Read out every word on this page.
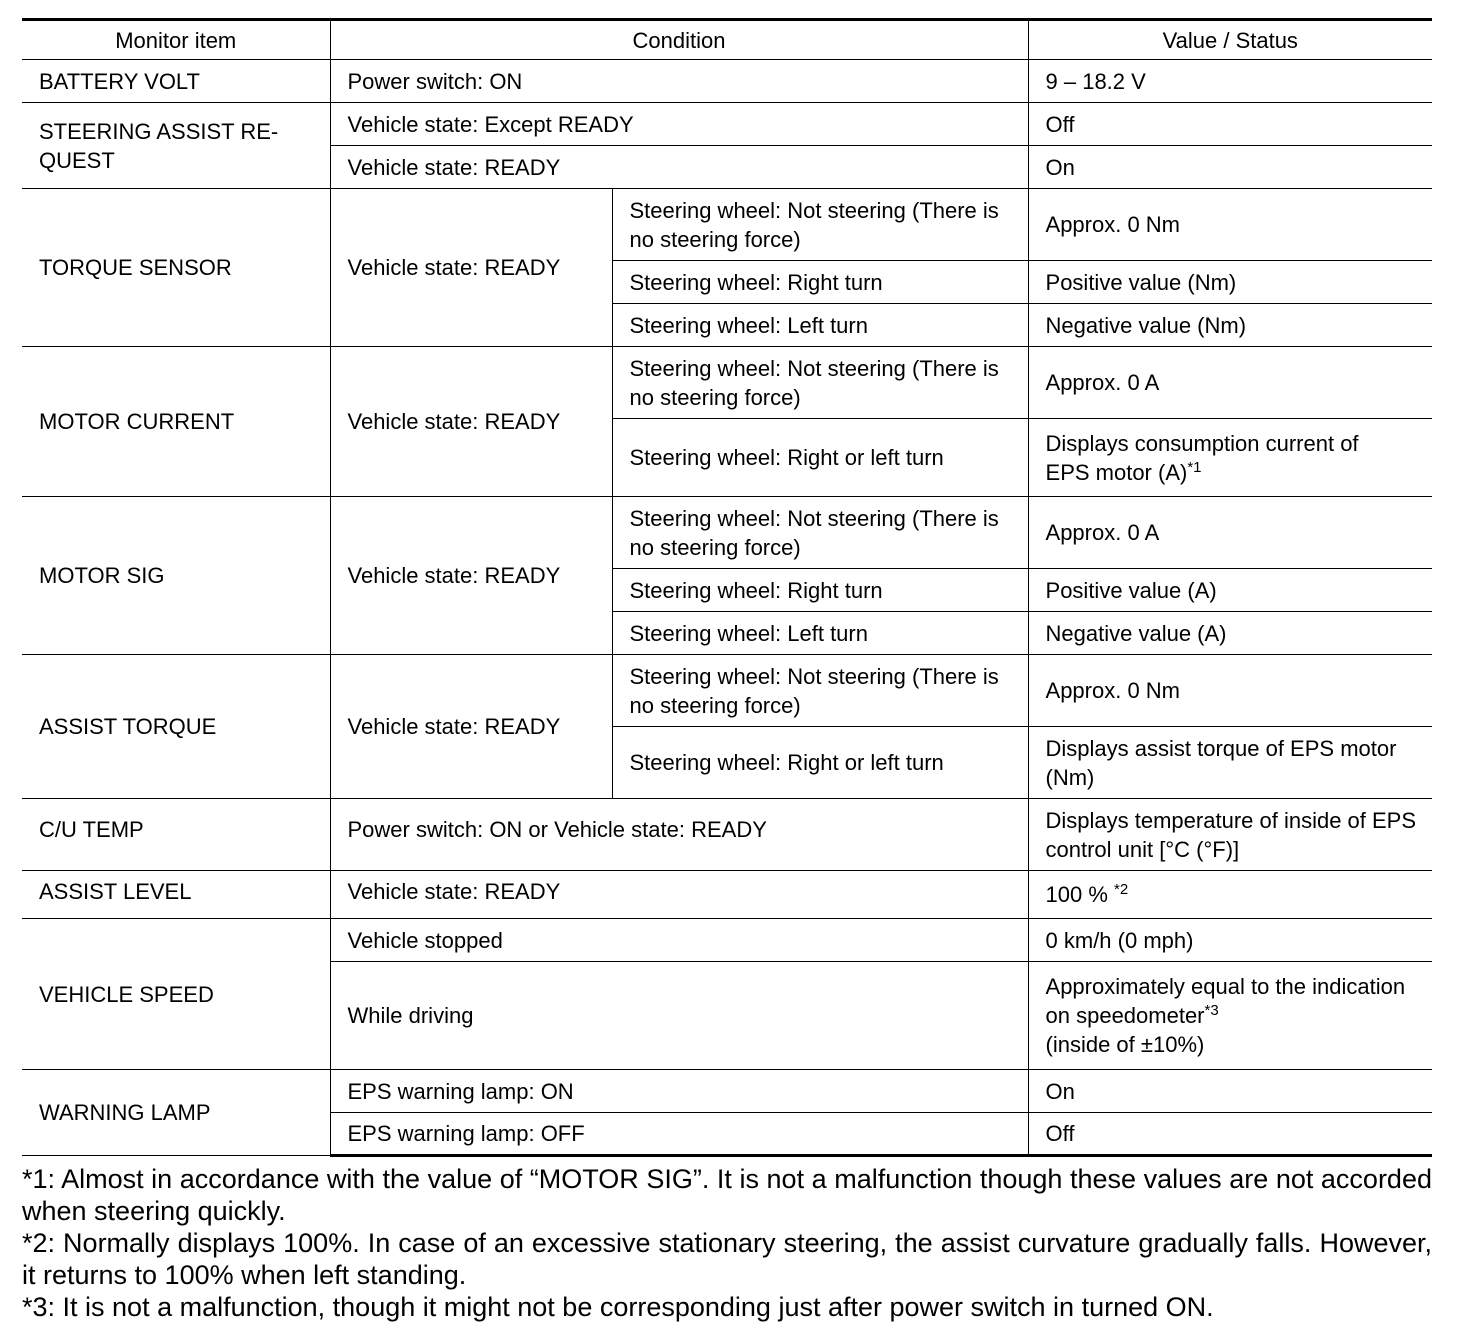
Monitor item	Condition		Value / Status
BATTERY VOLT	Power switch: ON		9 – 18.2 V
STEERING ASSIST RE-
QUEST	Vehicle state: Except READY		Off
	Vehicle state: READY		On
TORQUE SENSOR	Vehicle state: READY	Steering wheel: Not steering (There is no steering force)	Approx. 0 Nm
		Steering wheel: Right turn	Positive value (Nm)
		Steering wheel: Left turn	Negative value (Nm)
MOTOR CURRENT	Vehicle state: READY	Steering wheel: Not steering (There is no steering force)	Approx. 0 A
		Steering wheel: Right or left turn	Displays consumption current of
EPS motor $(A)^{*1}$
MOTOR SIG	Vehicle state: READY	Steering wheel: Not steering (There is no steering force)	Approx. 0 A
		Steering wheel: Right turn	Positive value (A)
		Steering wheel: Left turn	Negative value (A)
ASSIST TORQUE	Vehicle state: READY	Steering wheel: Not steering (There is no steering force)	Approx. 0 Nm
		Steering wheel: Right or left turn	Displays assist torque of EPS motor (Nm)
C/U TEMP	Power switch: ON or Vehicle state: READY		Displays temperature of inside of EPS control unit [°C (°F)]
ASSIST LEVEL	Vehicle state: READY		100 % $^{*2}$
VEHICLE SPEED	Vehicle stopped		0 km/h (0 mph)
	While driving		Approximately equal to the indication
on speedometer$^{*3}$
(inside of ±10%)
WARNING LAMP	EPS warning lamp: ON		On
	EPS warning lamp: OFF		Off

*1: Almost in accordance with the value of “MOTOR SIG”. It is not a malfunction though these values are not accorded when steering quickly.

*2: Normally displays 100%. In case of an excessive stationary steering, the assist curvature gradually falls. However, it returns to 100% when left standing.

*3: It is not a malfunction, though it might not be corresponding just after power switch in turned ON.
